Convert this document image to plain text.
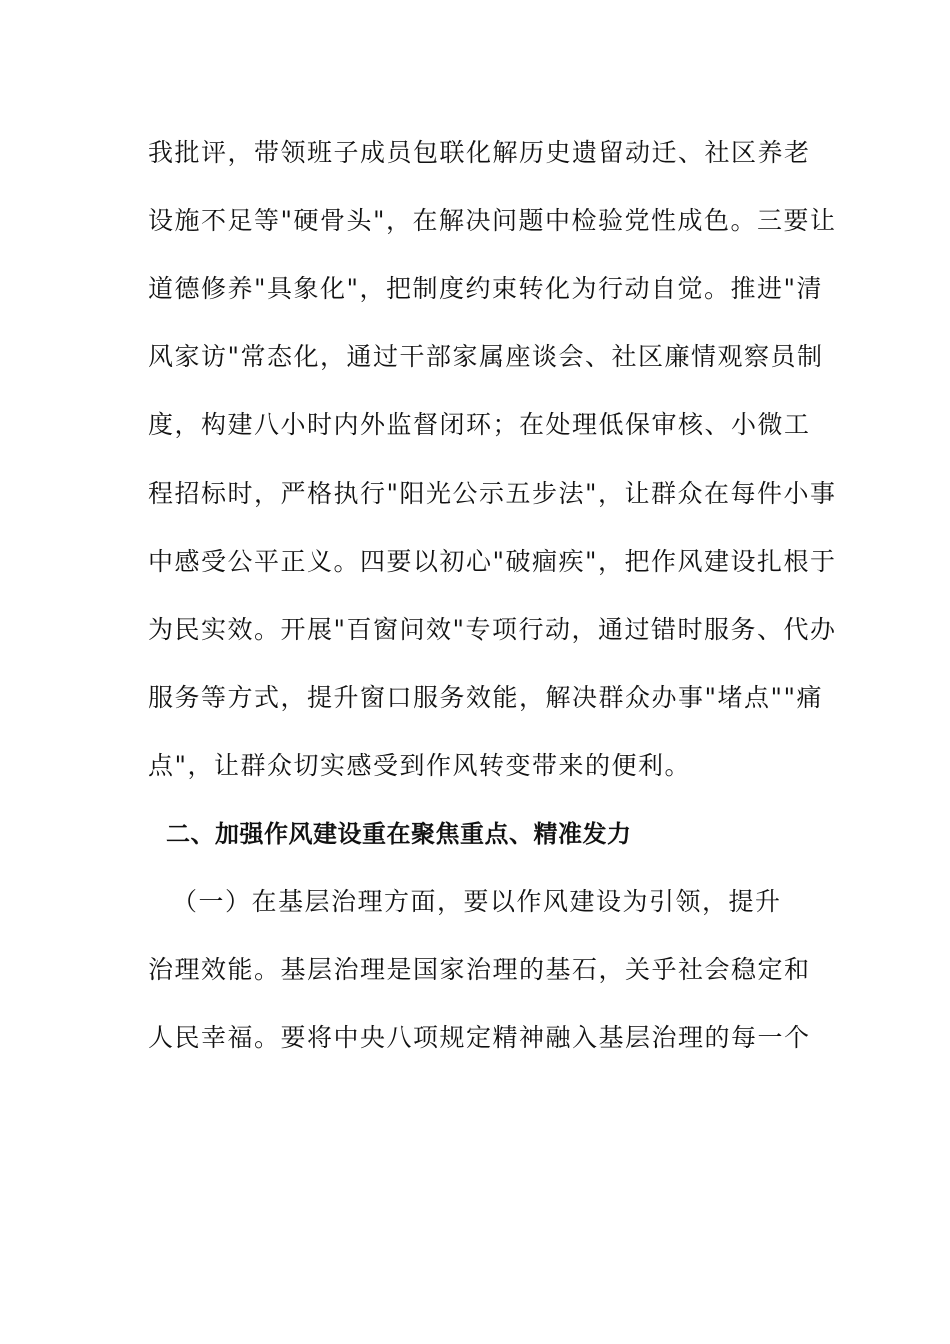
我批评，带领班子成员包联化解历史遗留动迁、社区养老
设施不足等"硬骨头"，在解决问题中检验党性成色。三要让
道德修养"具象化"，把制度约束转化为行动自觉。推进"清
风家访"常态化，通过干部家属座谈会、社区廉情观察员制
度，构建八小时内外监督闭环；在处理低保审核、小微工
程招标时，严格执行"阳光公示五步法"，让群众在每件小事
中感受公平正义。四要以初心"破痼疾"，把作风建设扎根于
为民实效。开展"百窗问效"专项行动，通过错时服务、代办
服务等方式，提升窗口服务效能，解决群众办事"堵点""痛
点"，让群众切实感受到作风转变带来的便利。
二、加强作风建设重在聚焦重点、精准发力
（一）在基层治理方面，要以作风建设为引领，提升
治理效能。基层治理是国家治理的基石，关乎社会稳定和
人民幸福。要将中央八项规定精神融入基层治理的每一个
